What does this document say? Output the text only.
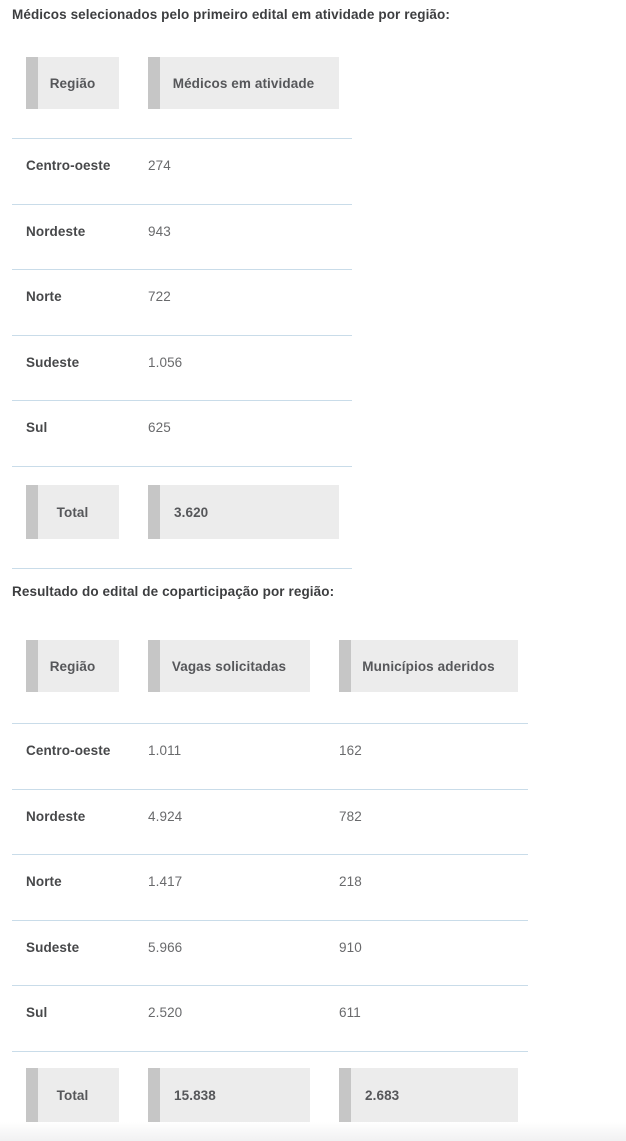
Médicos selecionados pelo primeiro edital em atividade por região:
Região	Médicos em atividade
Centro-oeste	274
Nordeste	943
Norte	722
Sudeste	1.056
Sul	625
Total	3.620
Resultado do edital de coparticipação por região:
Região	Vagas solicitadas	Municípios aderidos
Centro-oeste	1.011	162
Nordeste	4.924	782
Norte	1.417	218
Sudeste	5.966	910
Sul	2.520	611
Total	15.838	2.683
